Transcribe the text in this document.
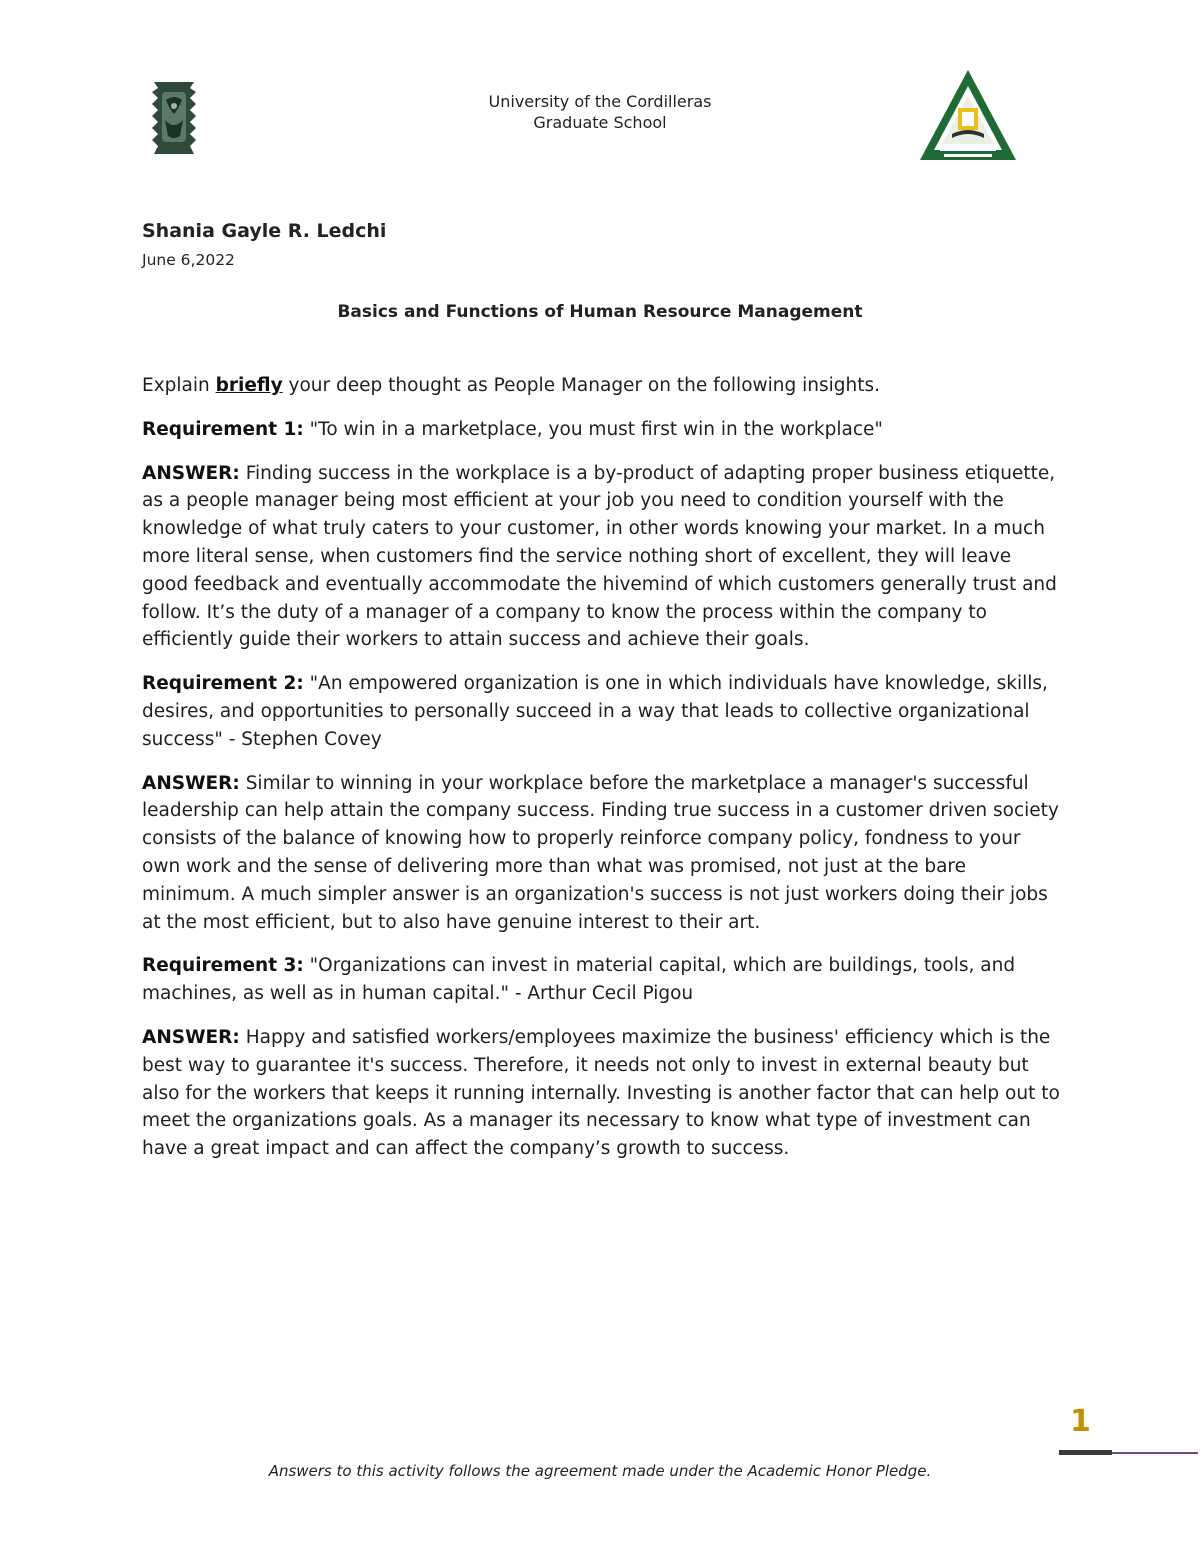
University of the Cordilleras
Graduate School
Shania Gayle R. Ledchi
June 6,2022
Basics and Functions of Human Resource Management

Explain briefly your deep thought as People Manager on the following insights.

Requirement 1: "To win in a marketplace, you must first win in the workplace"

ANSWER: Finding success in the workplace is a by-product of adapting proper business etiquette, as a people manager being most efficient at your job you need to condition yourself with the knowledge of what truly caters to your customer, in other words knowing your market. In a much more literal sense, when customers find the service nothing short of excellent, they will leave good feedback and eventually accommodate the hivemind of which customers generally trust and follow. It’s the duty of a manager of a company to know the process within the company to efficiently guide their workers to attain success and achieve their goals.

Requirement 2: "An empowered organization is one in which individuals have knowledge, skills, desires, and opportunities to personally succeed in a way that leads to collective organizational success" - Stephen Covey

ANSWER: Similar to winning in your workplace before the marketplace a manager's successful leadership can help attain the company success. Finding true success in a customer driven society consists of the balance of knowing how to properly reinforce company policy, fondness to your own work and the sense of delivering more than what was promised, not just at the bare minimum. A much simpler answer is an organization's success is not just workers doing their jobs at the most efficient, but to also have genuine interest to their art.

Requirement 3: "Organizations can invest in material capital, which are buildings, tools, and machines, as well as in human capital." - Arthur Cecil Pigou

ANSWER: Happy and satisfied workers/employees maximize the business' efficiency which is the best way to guarantee it's success. Therefore, it needs not only to invest in external beauty but also for the workers that keeps it running internally. Investing is another factor that can help out to meet the organizations goals. As a manager its necessary to know what type of investment can have a great impact and can affect the company’s growth to success.

1
Answers to this activity follows the agreement made under the Academic Honor Pledge.
